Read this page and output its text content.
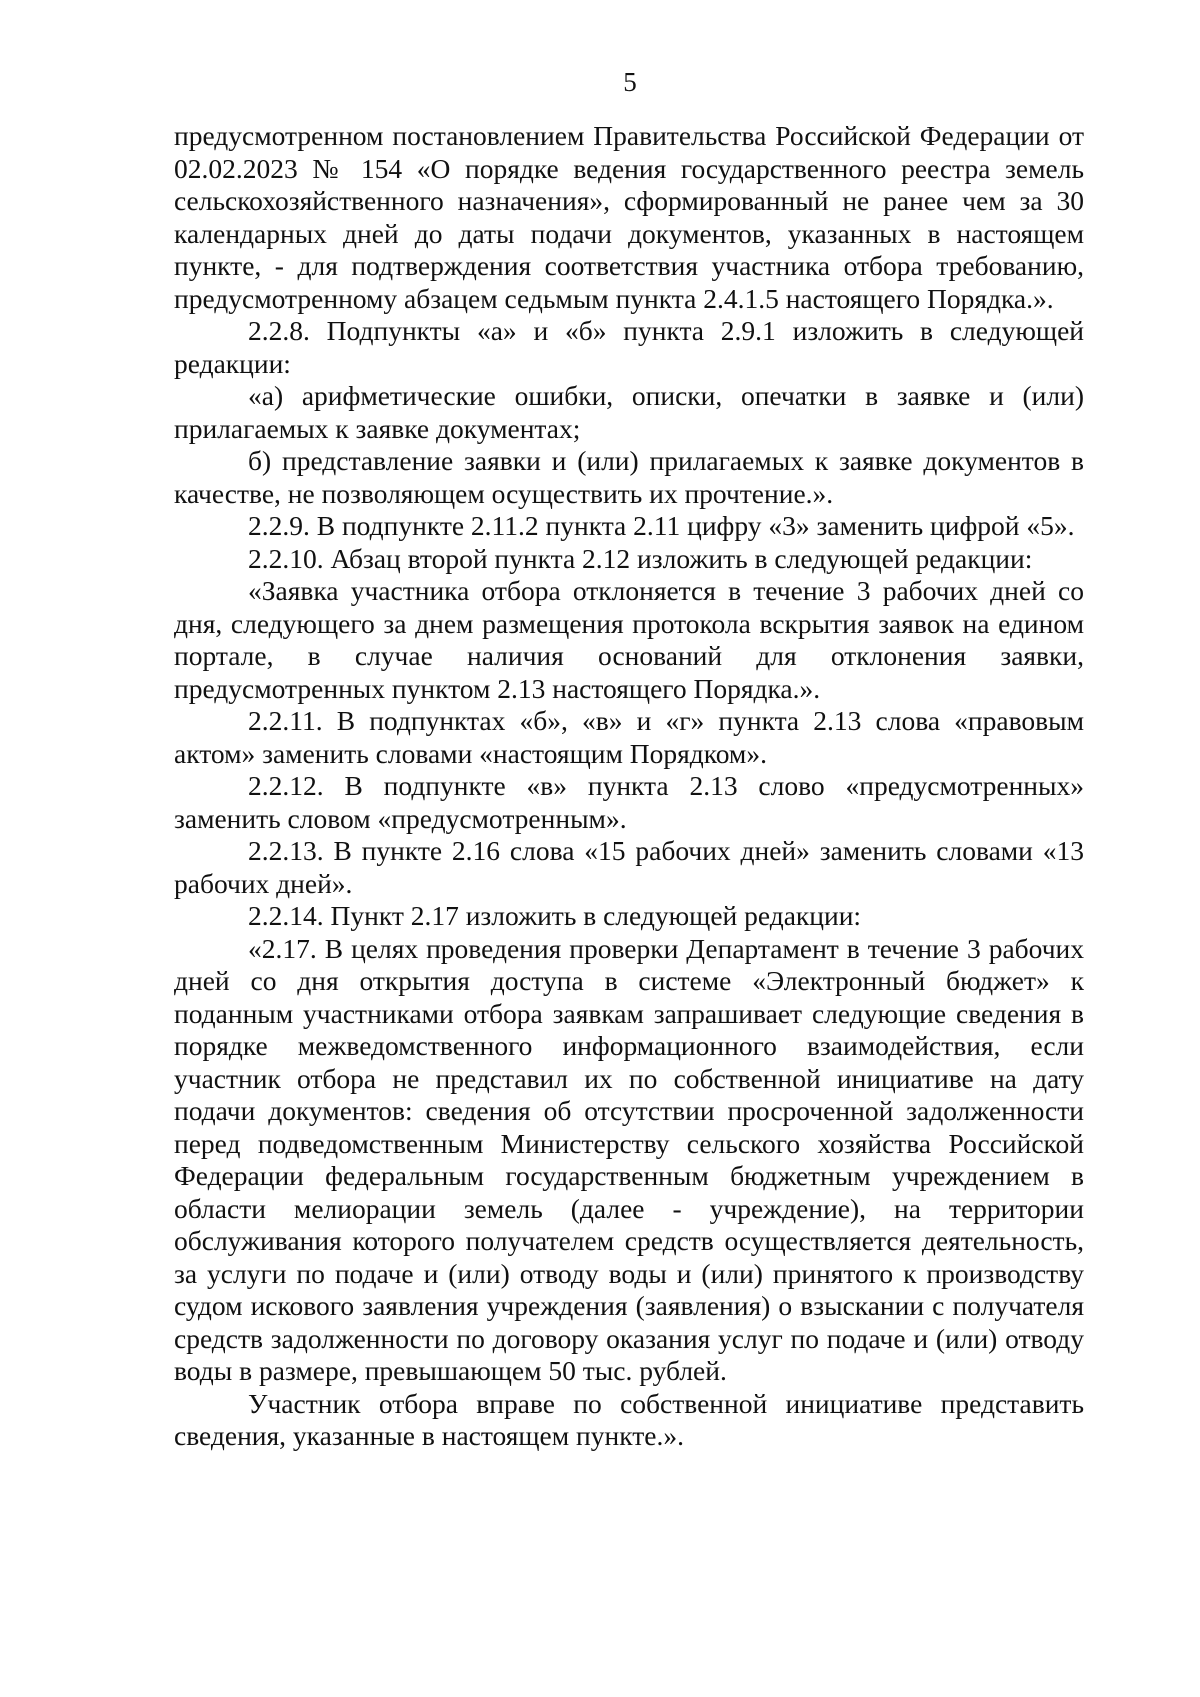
5

предусмотренном постановлением Правительства Российской Федерации от 02.02.2023 № 154 «О порядке ведения государственного реестра земель сельскохозяйственного назначения», сформированный не ранее чем за 30 календарных дней до даты подачи документов, указанных в настоящем пункте, - для подтверждения соответствия участника отбора требованию, предусмотренному абзацем седьмым пункта 2.4.1.5 настоящего Порядка.».

2.2.8. Подпункты «а» и «б» пункта 2.9.1 изложить в следующей редакции:

«а) арифметические ошибки, описки, опечатки в заявке и (или) прилагаемых к заявке документах;

б) представление заявки и (или) прилагаемых к заявке документов в качестве, не позволяющем осуществить их прочтение.».

2.2.9. В подпункте 2.11.2 пункта 2.11 цифру «3» заменить цифрой «5».

2.2.10. Абзац второй пункта 2.12 изложить в следующей редакции:

«Заявка участника отбора отклоняется в течение 3 рабочих дней со дня, следующего за днем размещения протокола вскрытия заявок на едином портале, в случае наличия оснований для отклонения заявки, предусмотренных пунктом 2.13 настоящего Порядка.».

2.2.11. В подпунктах «б», «в» и «г» пункта 2.13 слова «правовым актом» заменить словами «настоящим Порядком».

2.2.12. В подпункте «в» пункта 2.13 слово «предусмотренных» заменить словом «предусмотренным».

2.2.13. В пункте 2.16 слова «15 рабочих дней» заменить словами «13 рабочих дней».

2.2.14. Пункт 2.17 изложить в следующей редакции:

«2.17. В целях проведения проверки Департамент в течение 3 рабочих дней со дня открытия доступа в системе «Электронный бюджет» к поданным участниками отбора заявкам запрашивает следующие сведения в порядке межведомственного информационного взаимодействия, если участник отбора не представил их по собственной инициативе на дату подачи документов: сведения об отсутствии просроченной задолженности перед подведомственным Министерству сельского хозяйства Российской Федерации федеральным государственным бюджетным учреждением в области мелиорации земель (далее - учреждение), на территории обслуживания которого получателем средств осуществляется деятельность, за услуги по подаче и (или) отводу воды и (или) принятого к производству судом искового заявления учреждения (заявления) о взыскании с получателя средств задолженности по договору оказания услуг по подаче и (или) отводу воды в размере, превышающем 50 тыс. рублей.

Участник отбора вправе по собственной инициативе представить сведения, указанные в настоящем пункте.».
